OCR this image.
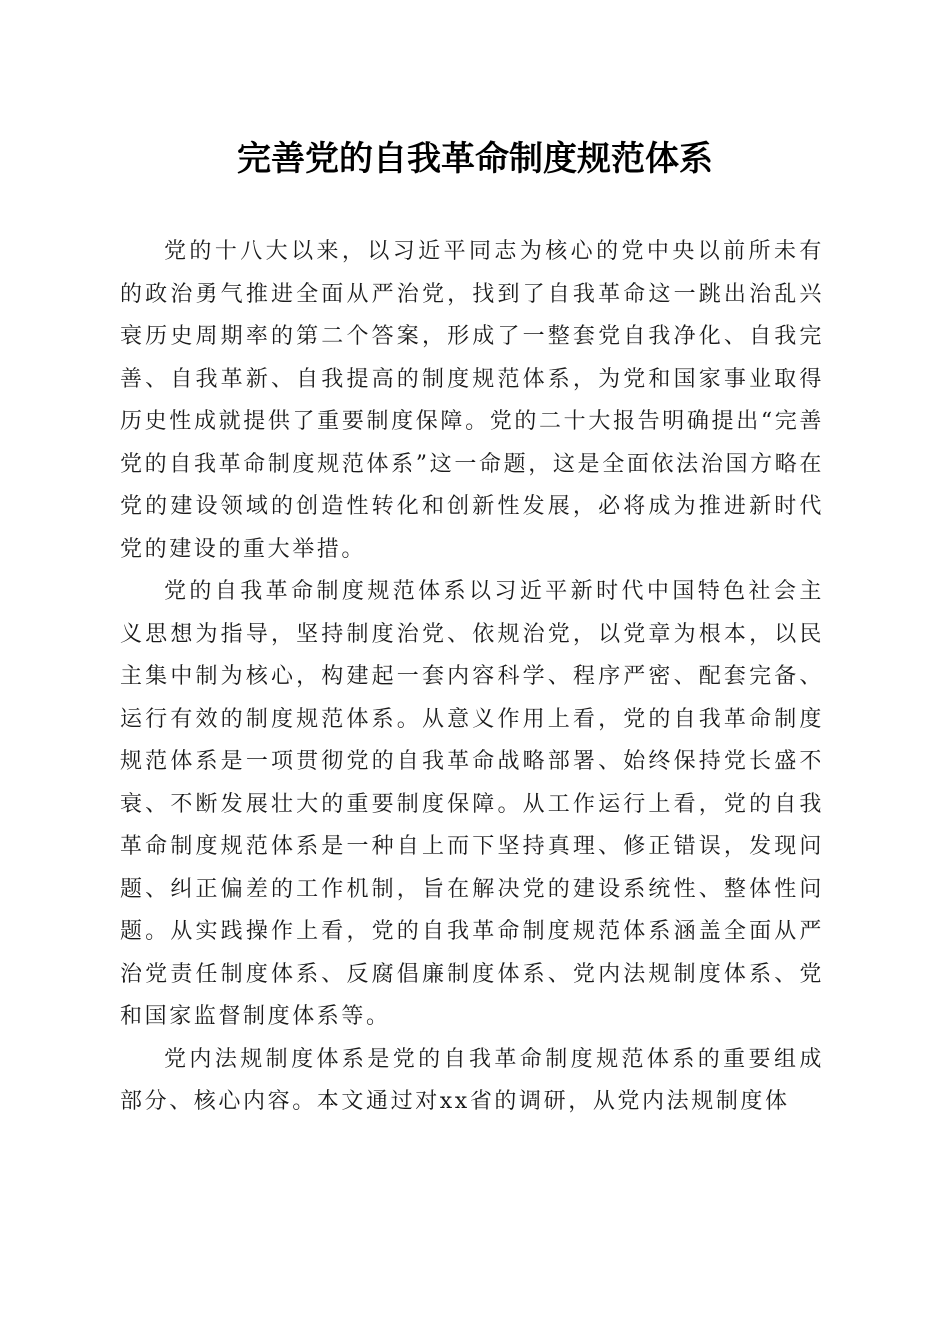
完善党的自我革命制度规范体系

党的十八大以来，以习近平同志为核心的党中央以前所未有的政治勇气推进全面从严治党，找到了自我革命这一跳出治乱兴衰历史周期率的第二个答案，形成了一整套党自我净化、自我完善、自我革新、自我提高的制度规范体系，为党和国家事业取得历史性成就提供了重要制度保障。党的二十大报告明确提出“完善党的自我革命制度规范体系”这一命题，这是全面依法治国方略在党的建设领域的创造性转化和创新性发展，必将成为推进新时代党的建设的重大举措。

党的自我革命制度规范体系以习近平新时代中国特色社会主义思想为指导，坚持制度治党、依规治党，以党章为根本，以民主集中制为核心，构建起一套内容科学、程序严密、配套完备、运行有效的制度规范体系。从意义作用上看，党的自我革命制度规范体系是一项贯彻党的自我革命战略部署、始终保持党长盛不衰、不断发展壮大的重要制度保障。从工作运行上看，党的自我革命制度规范体系是一种自上而下坚持真理、修正错误，发现问题、纠正偏差的工作机制，旨在解决党的建设系统性、整体性问题。从实践操作上看，党的自我革命制度规范体系涵盖全面从严治党责任制度体系、反腐倡廉制度体系、党内法规制度体系、党和国家监督制度体系等。

党内法规制度体系是党的自我革命制度规范体系的重要组成部分、核心内容。本文通过对xx省的调研，从党内法规制度体
